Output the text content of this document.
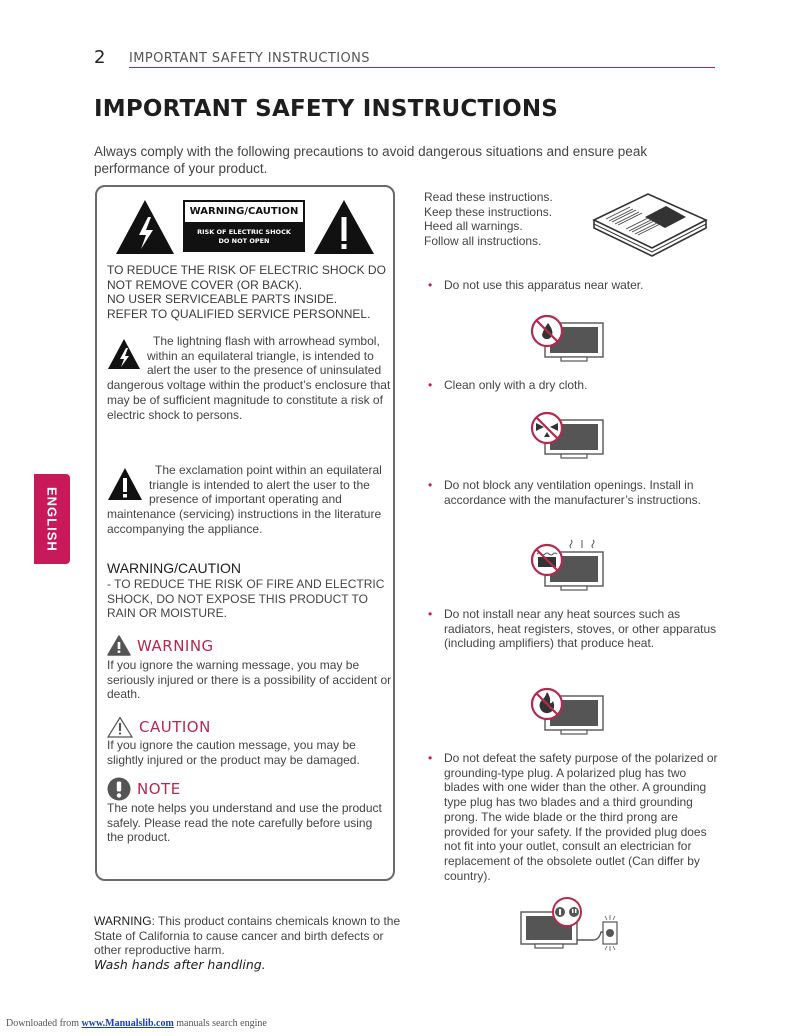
2 IMPORTANT SAFETY INSTRUCTIONS
IMPORTANT SAFETY INSTRUCTIONS

Always comply with the following precautions to avoid dangerous situations and ensure peak performance of your product.

ENGLISH
WARNING/CAUTION
RISK OF ELECTRIC SHOCK
DO NOT OPEN
TO REDUCE THE RISK OF ELECTRIC SHOCK DO
NOT REMOVE COVER (OR BACK).
NO USER SERVICEABLE PARTS INSIDE.
REFER TO QUALIFIED SERVICE PERSONNEL.
The lightning flash with arrowhead symbol, within an equilateral triangle, is intended to alert the user to the presence of uninsulated dangerous voltage within the product’s enclosure that may be of sufficient magnitude to constitute a risk of electric shock to persons.
The exclamation point within an equilateral triangle is intended to alert the user to the presence of important operating and maintenance (servicing) instructions in the literature accompanying the appliance.
WARNING/CAUTION
- TO REDUCE THE RISK OF FIRE AND ELECTRIC SHOCK, DO NOT EXPOSE THIS PRODUCT TO RAIN OR MOISTURE.
WARNING
If you ignore the warning message, you may be seriously injured or there is a possibility of accident or death.
CAUTION
If you ignore the caution message, you may be slightly injured or the product may be damaged.
NOTE
The note helps you understand and use the product safely. Please read the note carefully before using the product.
WARNING: This product contains chemicals known to the State of California to cause cancer and birth defects or other reproductive harm.
Wash hands after handling.
Read these instructions.
Keep these instructions.
Heed all warnings.
Follow all instructions.
• Do not use this apparatus near water.
• Clean only with a dry cloth.
• Do not block any ventilation openings. Install in accordance with the manufacturer’s instructions.
• Do not install near any heat sources such as radiators, heat registers, stoves, or other apparatus (including amplifiers) that produce heat.
• Do not defeat the safety purpose of the polarized or grounding-type plug. A polarized plug has two blades with one wider than the other. A grounding type plug has two blades and a third grounding prong. The wide blade or the third prong are provided for your safety. If the provided plug does not fit into your outlet, consult an electrician for replacement of the obsolete outlet (Can differ by country).
Downloaded from www.Manualslib.com manuals search engine
